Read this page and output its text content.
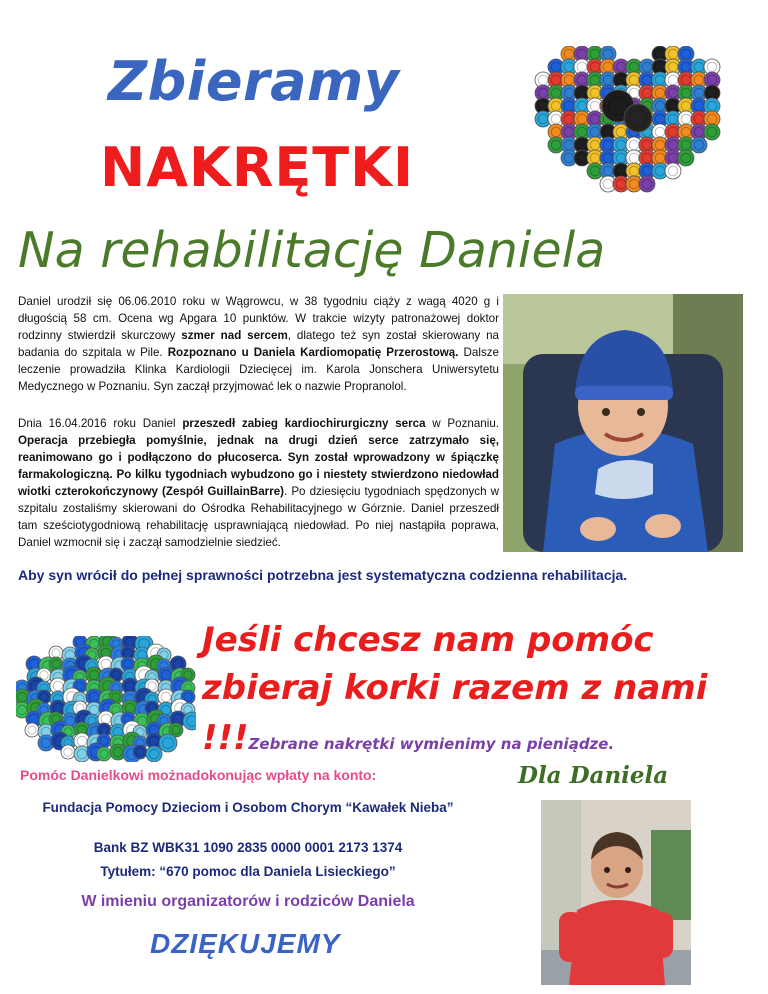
Zbieramy
NAKRĘTKI
Na rehabilitację Daniela
Daniel urodził się 06.06.2010 roku w Wągrowcu, w 38 tygodniu ciąży z wagą 4020 g i długością 58 cm. Ocena wg Apgara 10 punktów. W trakcie wizyty patronażowej doktor rodzinny stwierdził skurczowy szmer nad sercem, dlatego też syn został skierowany na badania do szpitala w Pile. Rozpoznano u Daniela Kardiomopatię Przerostową. Dalsze leczenie prowadziła Klinka Kardiologii Dziecięcej im. Karola Jonschera Uniwersytetu Medycznego w Poznaniu. Syn zaczął przyjmować lek o nazwie Propranolol.
Dnia 16.04.2016 roku Daniel przeszedł zabieg kardiochirurgiczny serca w Poznaniu. Operacja przebiegła pomyślnie, jednak na drugi dzień serce zatrzymało się, reanimowano go i podłączono do płucoserca. Syn został wprowadzony w śpiączkę farmakologiczną. Po kilku tygodniach wybudzono go i niestety stwierdzono niedowład wiotki czterokończynowy (Zespół GuillainBarre). Po dziesięciu tygodniach spędzonych w szpitalu zostaliśmy skierowani do Ośrodka Rehabilitacyjnego w Górznie. Daniel przeszedł tam sześciotygodniową rehabilitację usprawniającą niedowład. Po niej nastąpiła poprawa, Daniel wzmocnił się i zaczął samodzielnie siedzieć.
Aby syn wrócił do pełnej sprawności potrzebna jest systematyczna codzienna rehabilitacja.
Jeśli chcesz nam pomóc
zbieraj korki razem z nami
!!!Zebrane nakrętki wymienimy na pieniądze.
Pomóc Danielkowi możnadokonując wpłaty na konto:	Dla Daniela
Fundacja Pomocy Dzieciom i Osobom Chorym “Kawałek Nieba”
Bank BZ WBK31 1090 2835 0000 0001 2173 1374
Tytułem: “670 pomoc dla Daniela Lisieckiego”
W imieniu organizatorów i rodziców Daniela
DZIĘKUJEMY
